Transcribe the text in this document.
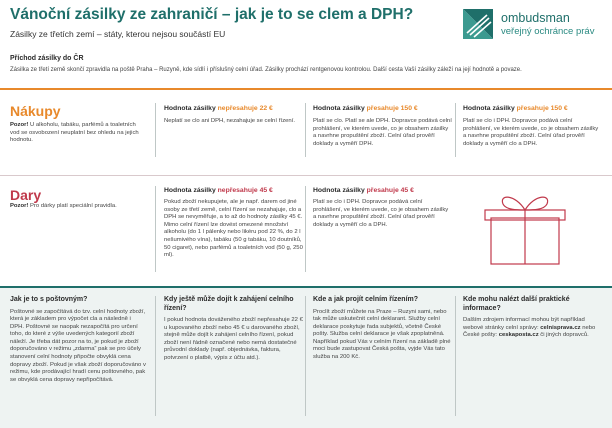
Vánoční zásilky ze zahraničí – jak je to se clem a DPH?
Zásilky ze třetích zemí – státy, kterou nejsou součástí EU
ombudsman
veřejný ochránce práv
Příchod zásilky do ČR
Zásilka ze třetí země skončí zpravidla na poště Praha – Ruzyně, kde sídlí i příslušný celní úřad. Zásilky prochází rentgenovou kontrolou. Další cesta Vaší zásilky záleží na její hodnotě a povaze.
Nákupy
Pozor! U alkoholu, tabáku, parfémů a toaletních vod se osvobození neuplatní bez ohledu na jejich hodnotu.
Hodnota zásilky nepřesahuje 22 €
Neplatí se clo ani DPH, nezahajuje se celní řízení.
Hodnota zásilky přesahuje 150 €
Platí se clo. Platí se ale DPH. Dopravce podává celní prohlášení, ve kterém uvede, co je obsahem zásilky a navrhne propuštění zboží. Celní úřad prověří doklady a vyměří DPH.
Hodnota zásilky přesahuje 150 €
Platí se clo i DPH. Dopravce podává celní prohlášení, ve kterém uvede, co je obsahem zásilky a navrhne propuštění zboží. Celní úřad prověří doklady a vyměří clo a DPH.
Dary
Pozor! Pro dárky platí speciální pravidla.
Hodnota zásilky nepřesahuje 45 €
Pokud zboží nekupujete, ale je např. darem od jiné osoby ze třetí země, celní řízení se nezahajuje, clo a DPH se nevyměřuje, a to až do hodnoty zásilky 45 €. Mimo celní řízení lze dovést omezené množství alkoholu (do 1 l pálenky nebo likéru pod 22 %, do 2 l nešumivého vína), tabáku (50 g tabáku, 10 doutníků, 50 cigaret), nebo parfémů a toaletních vod (50 g, 250 ml).
Hodnota zásilky přesahuje 45 €
Platí se clo i DPH. Dopravce podává celní prohlášení, ve kterém uvede, co je obsahem zásilky a navrhne propuštění zboží. Celní úřad prověří doklady a vyměří clo a DPH.
Jak je to s poštovným?
Poštovné se započítává do tzv. celní hodnoty zboží, která je základem pro výpočet cla a následně i DPH. Poštovné se naopak nezapočítá pro určení toho, do které z výše uvedených kategorií zboží náleží. Je třeba dát pozor na to, je pokud je zboží doporučováno v režimu „zdarma“ pak se pro účely stanovení celní hodnoty připočte obvyklá cena dopravy zboží. Pokud je však zboží doporučováno v režimu, kde prodávající hradí cenu poštovného, pak se obvyklá cena dopravy nepřipočítává.
Kdy ještě může dojít k zahájení celního řízení?
I pokud hodnota dováženého zboží nepřesahuje 22 € u kupovaného zboží nebo 45 € u darovaného zboží, stejně může dojít k zahájení celního řízení, pokud zboží není řádně označené nebo nemá dostatečné průvodní doklady (např. objednávka, faktura, potvrzení o platbě, výpis z účtu atd.).
Kde a jak projít celním řízením?
Proclít zboží můžete na Praze – Ruzyni sami, nebo tak může uskutečnit celní deklarant. Služby celní deklarace poskytuje řada subjektů, včetně České pošty. Služba celní deklarace je však zpoplatněná. Například pokud Vás v celním řízení na základě plné moci bude zastupovat Česká pošta, vyjde Vás tato služba na 200 Kč.
Kde mohu nalézt další praktické informace?
Dalším zdrojem informací mohou být například webové stránky celní správy: celnisprava.cz nebo České pošty: ceskaposta.cz či jiných dopravců.
